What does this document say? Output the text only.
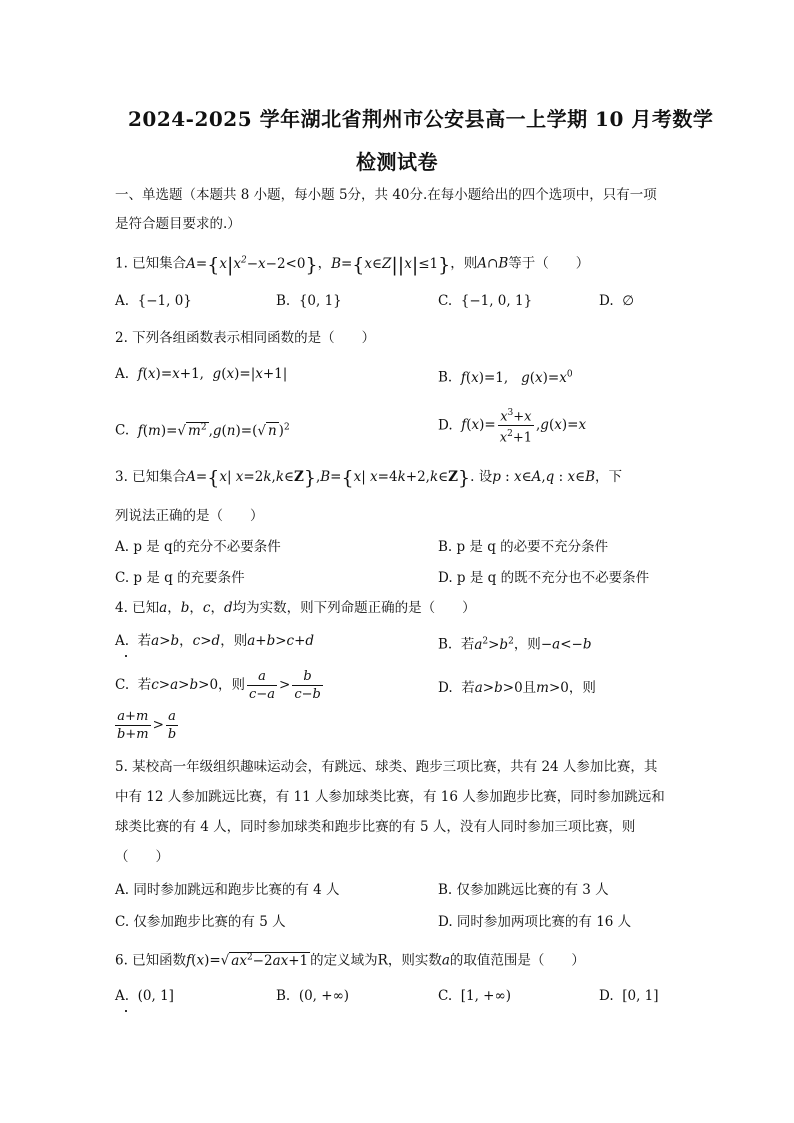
2024-2025 学年湖北省荆州市公安县高一上学期 10 月考数学
检测试卷
一、单选题（本题共 8 小题，每小题 5分，共 40分.在每小题给出的四个选项中，只有一项
是符合题目要求的.）
1. 已知集合$A=\{x|x^2-x-2<0\}$，B={x∈Z||x|≤1}，则A∩B等于（　　）
A. {−1, 0}	B. {0, 1}	C. {−1, 0, 1}	D. ∅
2. 下列各组函数表示相同函数的是（　　）
A. f(x)=x+1,  g(x)=|x+1|	B. f(x)=1,   $g(x)=x^0$
C. f(m)=√ $m^2$ ,g(n)=(√ n )$^2$	D. $f(x)= \frac{x^3+x}{x^2+1} ,g(x)=x$
3. 已知集合A={x| x=2k,k∈Z},B={x| x=4k+2,k∈Z}. 设p : x∈A,q : x∈B，下
列说法正确的是（　　）
A. p 是 q的充分不必要条件	B. p 是 q 的必要不充分条件
C. p 是 q 的充要条件	D. p 是 q 的既不充分也不必要条件
4. 已知a，b，c，d均为实数，则下列命题正确的是（　　）
A. 若a>b，c>d，则a+b>c+d	B. 若$a^2>b^2$，则−a<−b
C. 若c>a>b>0，则 $\frac{a}{c-a} > \frac{b}{c-b}$	D. 若a>b>0且m>0，则
$\frac{a+m}{b+m} > \frac{a}{b}$
5. 某校高一年级组织趣味运动会，有跳远、球类、跑步三项比赛，共有 24 人参加比赛，其
中有 12 人参加跳远比赛，有 11 人参加球类比赛，有 16 人参加跑步比赛，同时参加跳远和
球类比赛的有 4 人，同时参加球类和跑步比赛的有 5 人，没有人同时参加三项比赛，则
（　　）
A. 同时参加跳远和跑步比赛的有 4 人	B. 仅参加跳远比赛的有 3 人
C. 仅参加跑步比赛的有 5 人	D. 同时参加两项比赛的有 16 人
6. 已知函数f(x)=√ $ax^2-2ax+1$ 的定义域为R，则实数a的取值范围是（　　）
A. (0, 1]	B. (0, +∞)	C. [1, +∞)	D. [0, 1]
